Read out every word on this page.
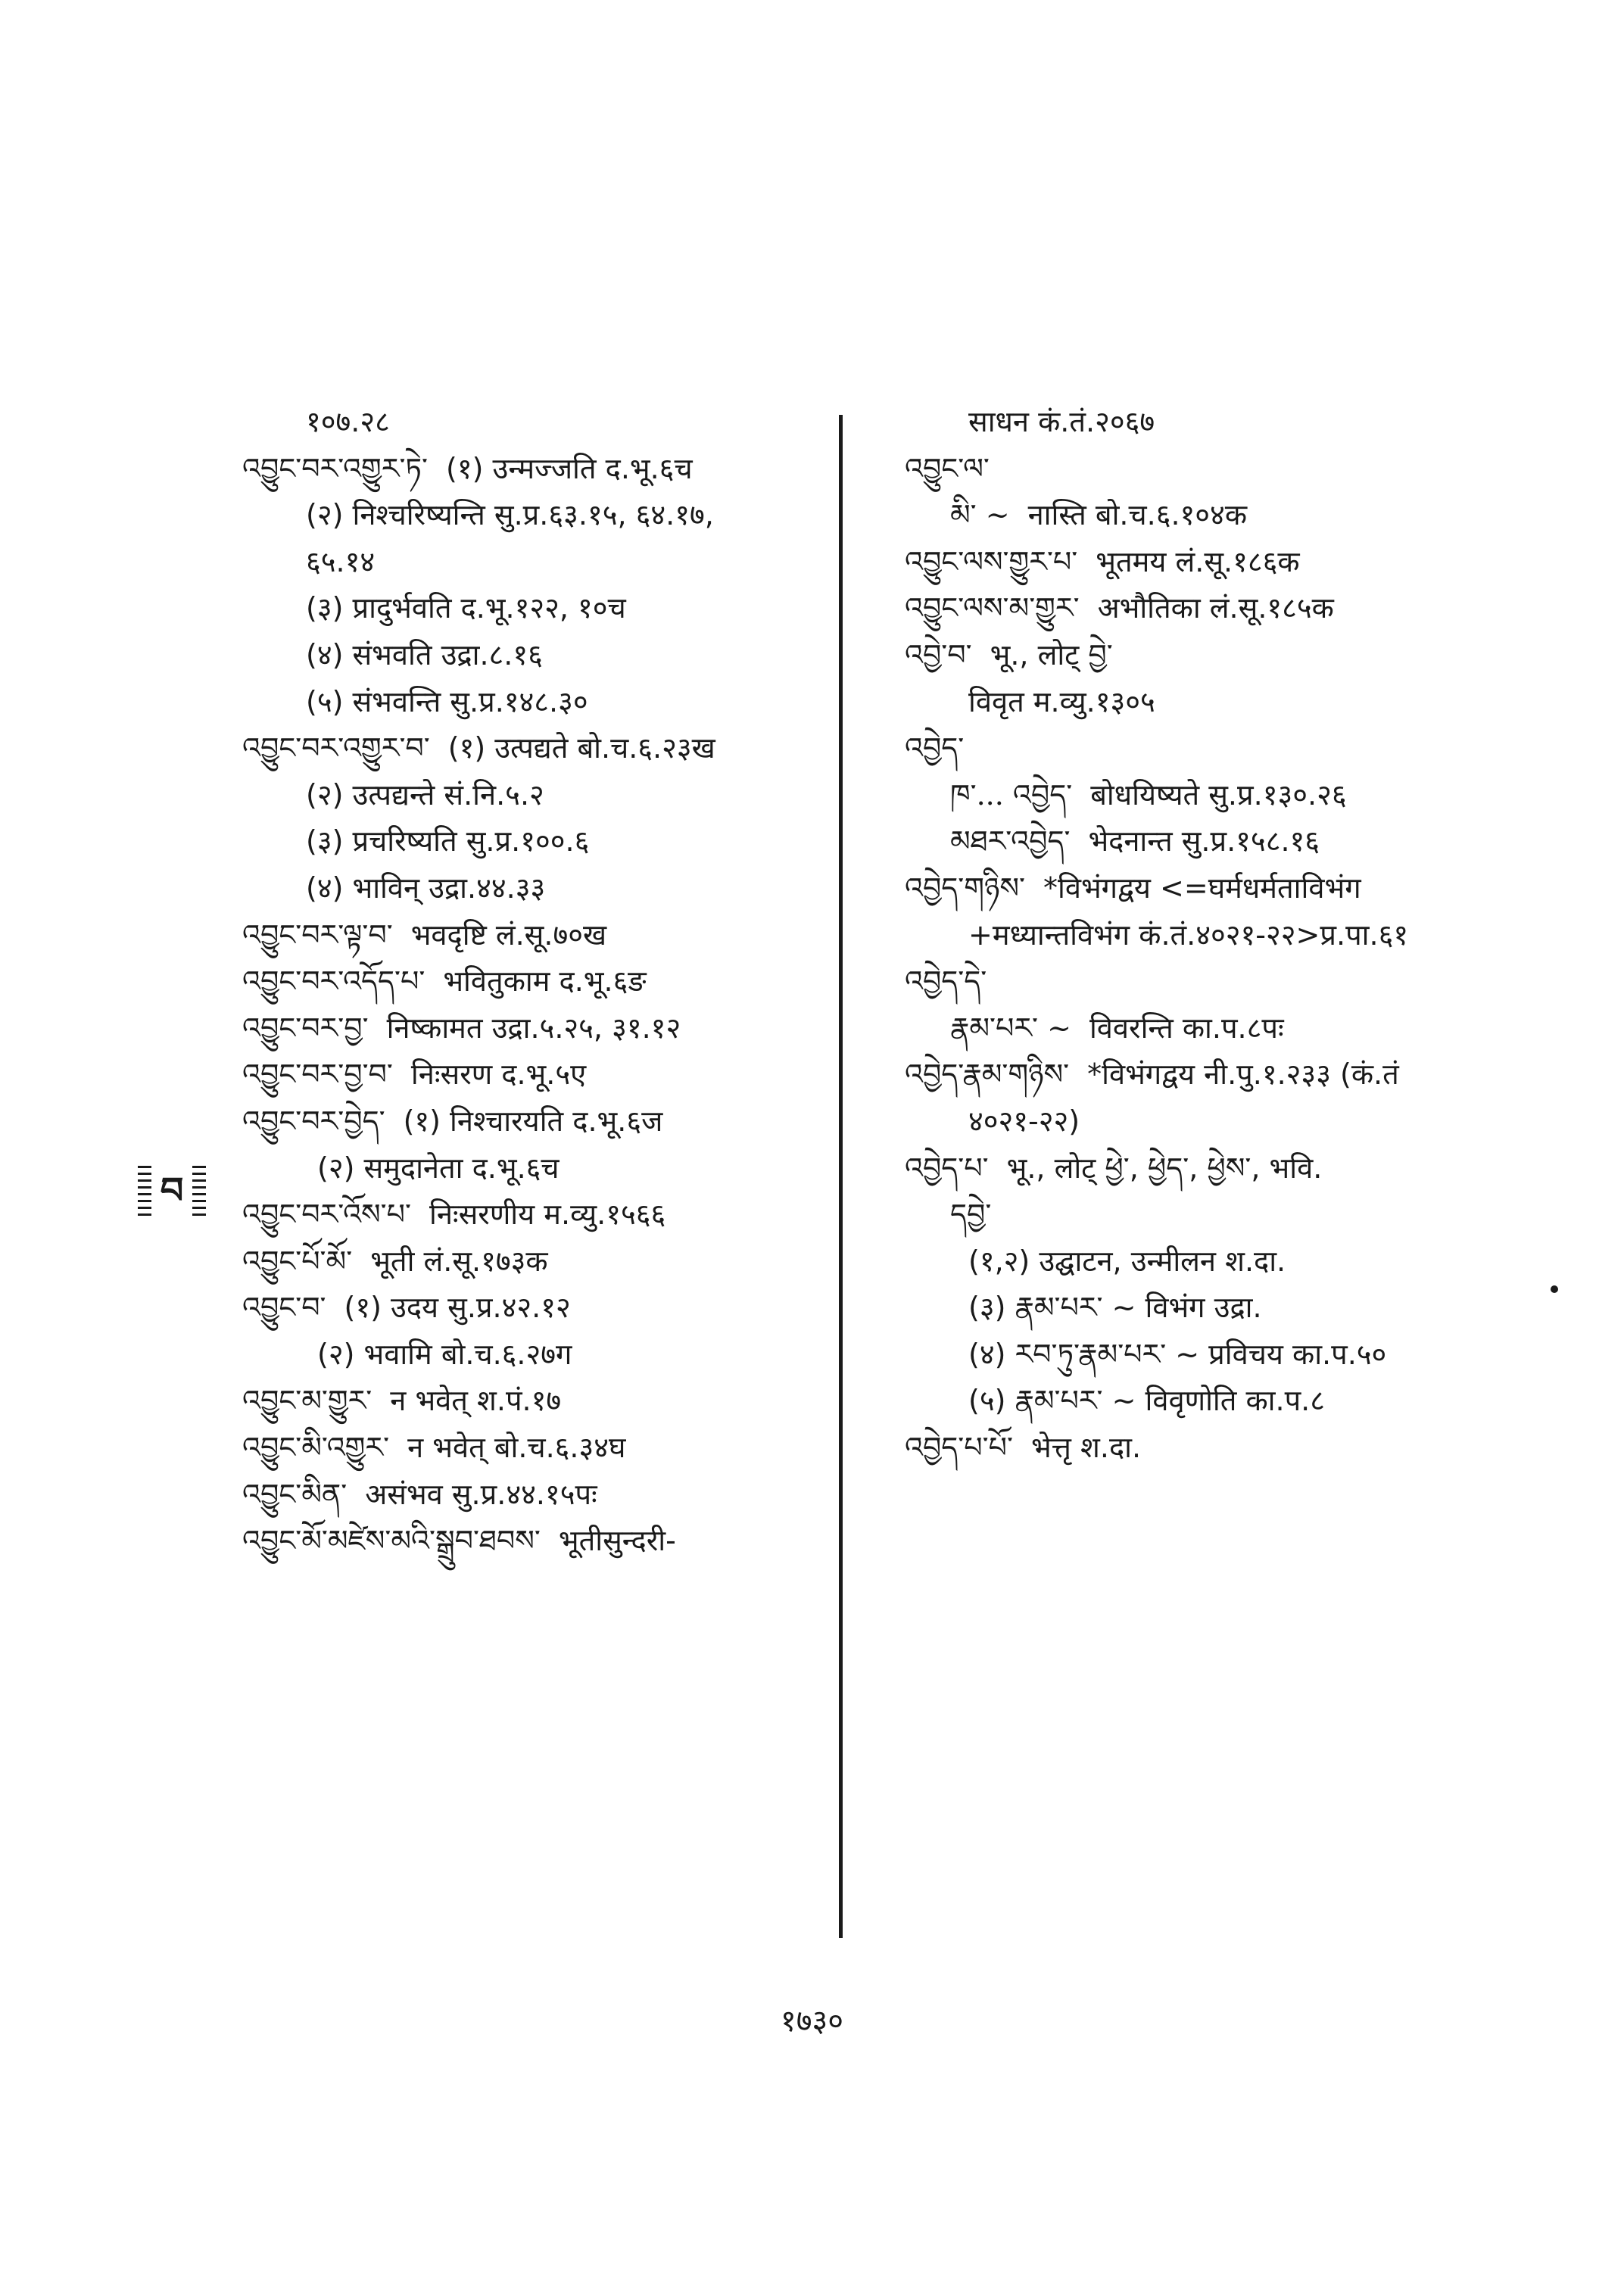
བ
१०७.२८
འབྱུང་བར་འགྱུར་ཏེ་ (१) उन्मज्जति द.भू.६च
(२) निश्चरिष्यन्ति सु.प्र.६३.१५, ६४.१७,
६५.१४
(३) प्रादुर्भवति द.भू.१२२, १०च
(४) संभवति उद्रा.८.१६
(५) संभवन्ति सु.प्र.१४८.३०
འབྱུང་བར་འགྱུར་བ་ (१) उत्पद्यते बो.च.६.२३ख
(२) उत्पद्यन्ते सं.नि.५.२
(३) प्रचरिष्यति सु.प्र.१००.६
(४) भाविन् उद्रा.४४.३३
འབྱུང་བར་ལྟ་བ་ भवदृष्टि लं.सू.७०ख
འབྱུང་བར་འདོད་པ་ भवितुकाम द.भू.६ङ
འབྱུང་བར་བྱ་ निष्कामत उद्रा.५.२५, ३१.१२
འབྱུང་བར་བྱ་བ་ निःसरण द.भू.५ए
འབྱུང་བར་བྱེད་ (१) निश्चारयति द.भू.६ज
(२) समुदानेता द.भू.६च
འབྱུང་བར་འོས་པ་ निःसरणीय म.व्यु.१५६६
འབྱུང་པོ་མོ་ भूती लं.सू.१७३क
འབྱུང་བ་ (१) उदय सु.प्र.४२.१२
(२) भवामि बो.च.६.२७ग
འབྱུང་མ་གྱུར་ न भवेत् श.पं.१७
འབྱུང་མི་འགྱུར་ न भवेत् बो.च.६.३४घ
འབྱུང་མིན་ असंभव सु.प्र.४४.१५पः
འབྱུང་མོ་མཛེས་མའི་སྒྲུབ་ཐབས་ भूतीसुन्दरी-
साधन कं.तं.२०६७
འབྱུང་ལ་
མི་ ~ नास्ति बो.च.६.१०४क
འབྱུང་ལས་གྱུར་པ་ भूतमय लं.सू.१८६क
འབྱུང་ལས་མ་གྱུར་ अभौतिका लं.सू.१८५क
འབྱེ་བ་ भू., लोट् བྱེ་
विवृत म.व्यु.१३०५
འབྱེད་
ཁ་... འབྱེད་ बोधयिष्यते सु.प्र.१३०.२६
མཐར་འབྱེད་ भेदनान्त सु.प्र.१५८.१६
འབྱེད་གཉིས་ *विभंगद्वय <=घर्मधर्मताविभंग
+मध्यान्तविभंग कं.तं.४०२१-२२>प्र.पा.६१
འབྱེད་དེ་
རྣམ་པར་ ~ विवरन्ति का.प.८पः
འབྱེད་རྣམ་གཉིས་ *विभंगद्वय नी.पु.१.२३३ (कं.तं
४०२१-२२)
འབྱེད་པ་ भू., लोट् ཕྱེ་, ཕྱེད་, ཕྱེས་, भवि.
དབྱེ་
(१,२) उद्घाटन, उन्मीलन श.दा.
(३) རྣམ་པར་ ~ विभंग उद्रा.
(४) རབ་ཏུ་རྣམ་པར་ ~ प्रविचय का.प.५०
(५) རྣམ་པར་ ~ विवृणोति का.प.८
འབྱེད་པ་པོ་ भेत्तृ श.दा.
१७३०
